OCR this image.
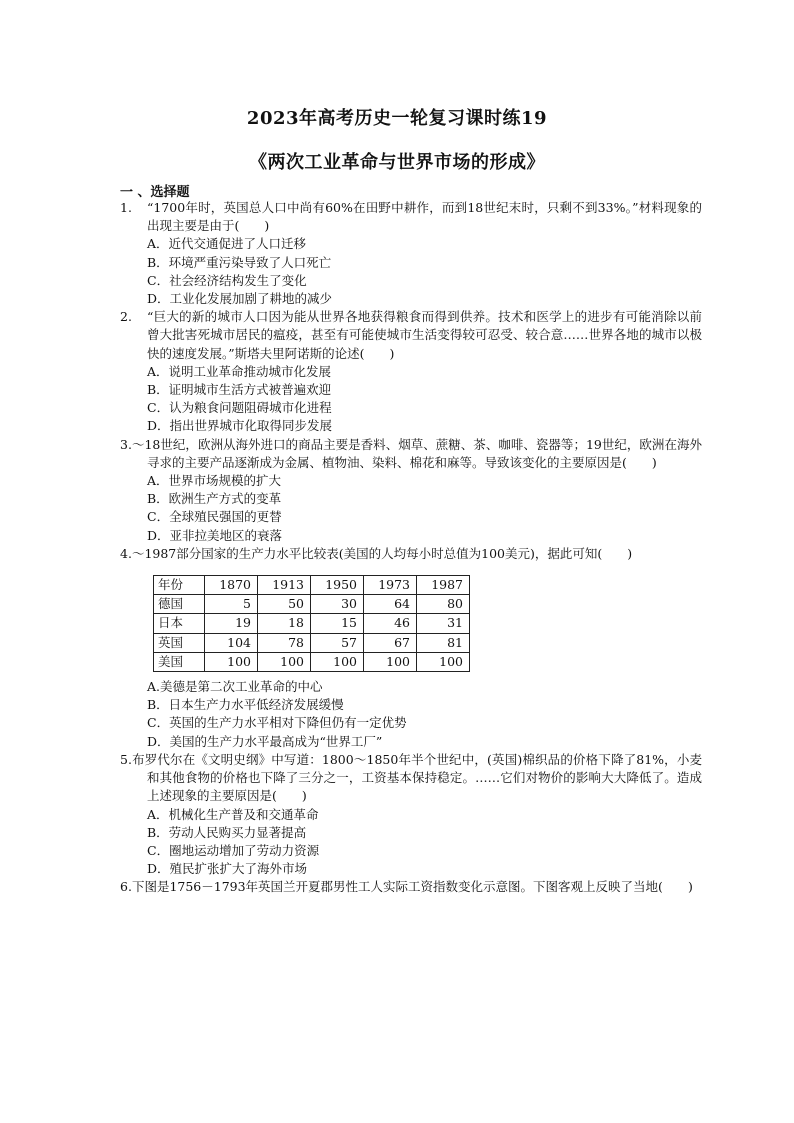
2023年高考历史一轮复习课时练19
《两次工业革命与世界市场的形成》
一 、选择题
1. “1700年时，英国总人口中尚有60%在田野中耕作，而到18世纪末时，只剩不到33%。”材料现象的出现主要是由于(　　)
A．近代交通促进了人口迁移
B．环境严重污染导致了人口死亡
C．社会经济结构发生了变化
D．工业化发展加剧了耕地的减少
2. “巨大的新的城市人口因为能从世界各地获得粮食而得到供养。技术和医学上的进步有可能消除以前曾大批害死城市居民的瘟疫，甚至有可能使城市生活变得较可忍受、较合意……世界各地的城市以极快的速度发展。”斯塔夫里阿诺斯的论述(　　)
A．说明工业革命推动城市化发展
B．证明城市生活方式被普遍欢迎
C．认为粮食问题阻碍城市化进程
D．指出世界城市化取得同步发展
3.～18世纪，欧洲从海外进口的商品主要是香料、烟草、蔗糖、茶、咖啡、瓷器等；19世纪，欧洲在海外寻求的主要产品逐渐成为金属、植物油、染料、棉花和麻等。导致该变化的主要原因是(　　)
A．世界市场规模的扩大
B．欧洲生产方式的变革
C．全球殖民强国的更替
D．亚非拉美地区的衰落
4.～1987部分国家的生产力水平比较表(美国的人均每小时总值为100美元)，据此可知(　　)
年份	1870	1913	1950	1973	1987
德国	5	50	30	64	80
日本	19	18	15	46	31
英国	104	78	57	67	81
美国	100	100	100	100	100
A.美德是第二次工业革命的中心
B．日本生产力水平低经济发展缓慢
C．英国的生产力水平相对下降但仍有一定优势
D．美国的生产力水平最高成为“世界工厂”
5.布罗代尔在《文明史纲》中写道：1800～1850年半个世纪中，(英国)棉织品的价格下降了81%，小麦和其他食物的价格也下降了三分之一，工资基本保持稳定。……它们对物价的影响大大降低了。造成上述现象的主要原因是(　　)
A．机械化生产普及和交通革命
B．劳动人民购买力显著提高
C．圈地运动增加了劳动力资源
D．殖民扩张扩大了海外市场
6.下图是1756－1793年英国兰开夏郡男性工人实际工资指数变化示意图。下图客观上反映了当地(　　)
